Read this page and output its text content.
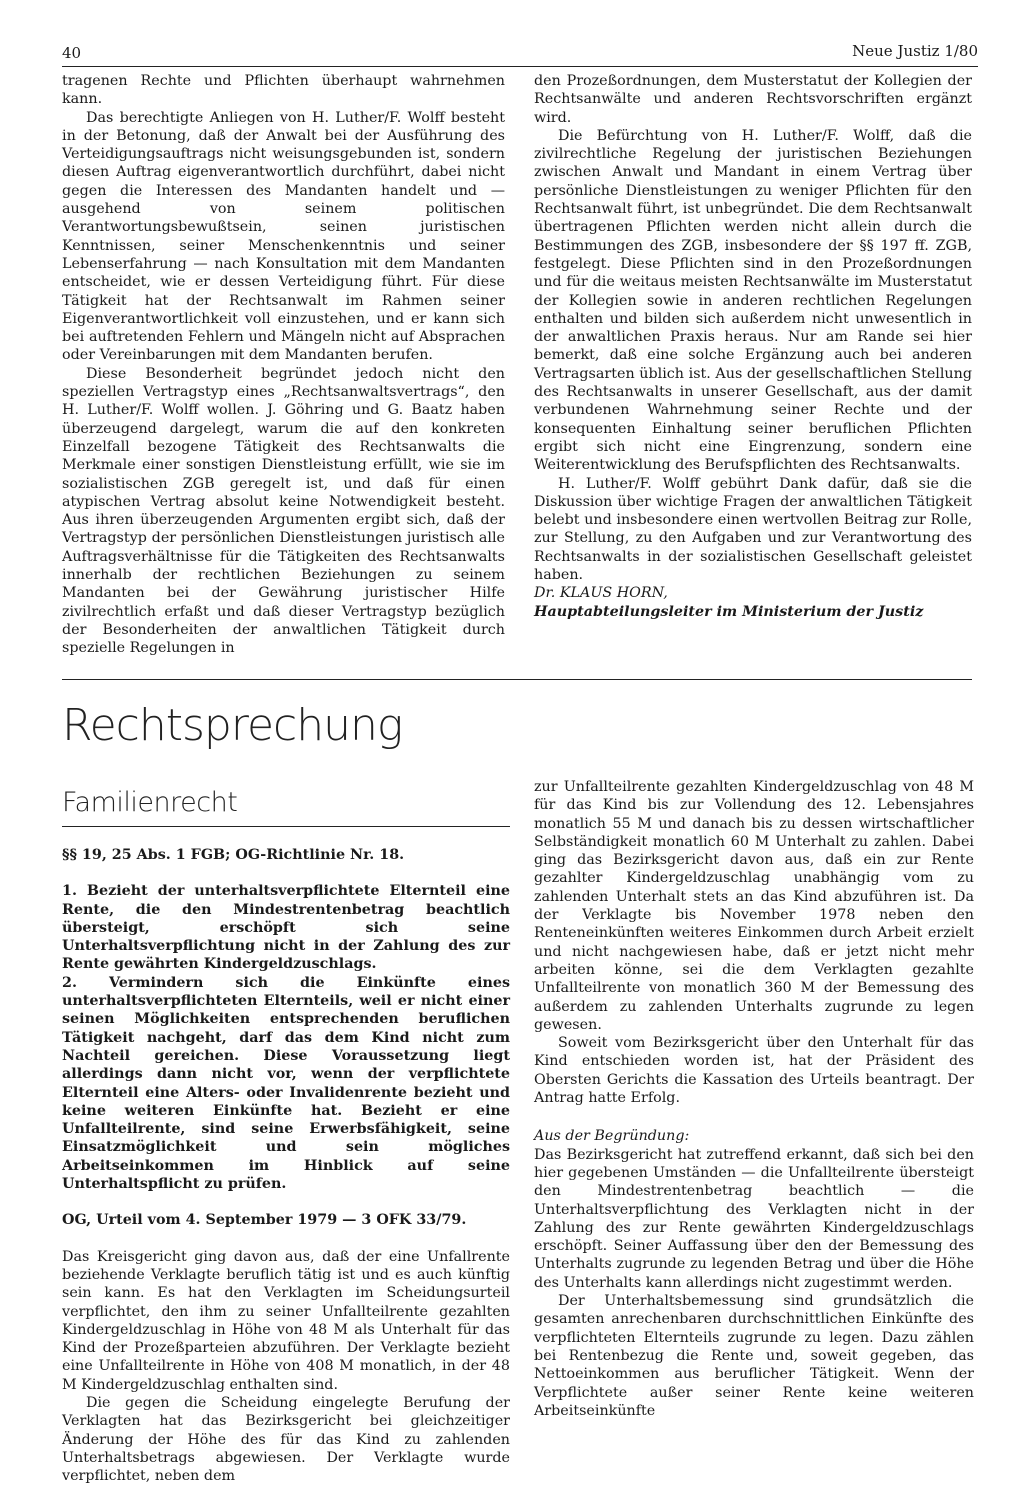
40	Neue Justiz 1/80

tragenen Rechte und Pflichten überhaupt wahrnehmen kann.

Das berechtigte Anliegen von H. Luther/F. Wolff besteht in der Betonung, daß der Anwalt bei der Ausführung des Verteidigungsauftrags nicht weisungsgebunden ist, sondern diesen Auftrag eigenverantwortlich durchführt, dabei nicht gegen die Interessen des Mandanten handelt und — ausgehend von seinem politischen Verantwortungsbewußtsein, seinen juristischen Kenntnissen, seiner Menschenkenntnis und seiner Lebenserfahrung — nach Konsultation mit dem Mandanten entscheidet, wie er dessen Verteidigung führt. Für diese Tätigkeit hat der Rechtsanwalt im Rahmen seiner Eigenverantwortlichkeit voll einzustehen, und er kann sich bei auftretenden Fehlern und Mängeln nicht auf Absprachen oder Vereinbarungen mit dem Mandanten berufen.

Diese Besonderheit begründet jedoch nicht den speziellen Vertragstyp eines „Rechtsanwaltsvertrags“, den H. Luther/F. Wolff wollen. J. Göhring und G. Baatz haben überzeugend dargelegt, warum die auf den konkreten Einzelfall bezogene Tätigkeit des Rechtsanwalts die Merkmale einer sonstigen Dienstleistung erfüllt, wie sie im sozialistischen ZGB geregelt ist, und daß für einen atypischen Vertrag absolut keine Notwendigkeit besteht. Aus ihren überzeugenden Argumenten ergibt sich, daß der Vertragstyp der persönlichen Dienstleistungen juristisch alle Auftragsverhältnisse für die Tätigkeiten des Rechtsanwalts innerhalb der rechtlichen Beziehungen zu seinem Mandanten bei der Gewährung juristischer Hilfe zivilrechtlich erfaßt und daß dieser Vertragstyp bezüglich der Besonderheiten der anwaltlichen Tätigkeit durch spezielle Regelungen in

den Prozeßordnungen, dem Musterstatut der Kollegien der Rechtsanwälte und anderen Rechtsvorschriften ergänzt wird.

Die Befürchtung von H. Luther/F. Wolff, daß die zivilrechtliche Regelung der juristischen Beziehungen zwischen Anwalt und Mandant in einem Vertrag über persönliche Dienstleistungen zu weniger Pflichten für den Rechtsanwalt führt, ist unbegründet. Die dem Rechtsanwalt übertragenen Pflichten werden nicht allein durch die Bestimmungen des ZGB, insbesondere der §§ 197 ff. ZGB, festgelegt. Diese Pflichten sind in den Prozeßordnungen und für die weitaus meisten Rechtsanwälte im Musterstatut der Kollegien sowie in anderen rechtlichen Regelungen enthalten und bilden sich außerdem nicht unwesentlich in der anwaltlichen Praxis heraus. Nur am Rande sei hier bemerkt, daß eine solche Ergänzung auch bei anderen Vertragsarten üblich ist. Aus der gesellschaftlichen Stellung des Rechtsanwalts in unserer Gesellschaft, aus der damit verbundenen Wahrnehmung seiner Rechte und der konsequenten Einhaltung seiner beruflichen Pflichten ergibt sich nicht eine Eingrenzung, sondern eine Weiterentwicklung des Berufspflichten des Rechtsanwalts.

H. Luther/F. Wolff gebührt Dank dafür, daß sie die Diskussion über wichtige Fragen der anwaltlichen Tätigkeit belebt und insbesondere einen wertvollen Beitrag zur Rolle, zur Stellung, zu den Aufgaben und zur Verantwortung des Rechtsanwalts in der sozialistischen Gesellschaft geleistet haben.

Dr. KLAUS HORN,

Hauptabteilungsleiter im Ministerium der Justiz

Rechtsprechung
Familienrecht

§§ 19, 25 Abs. 1 FGB; OG-Richtlinie Nr. 18.

1. Bezieht der unterhaltsverpflichtete Elternteil eine Rente, die den Mindestrentenbetrag beachtlich übersteigt, erschöpft sich seine Unterhaltsverpflichtung nicht in der Zahlung des zur Rente gewährten Kindergeldzuschlags.

2. Vermindern sich die Einkünfte eines unterhaltsverpflichteten Elternteils, weil er nicht einer seinen Möglichkeiten entsprechenden beruflichen Tätigkeit nachgeht, darf das dem Kind nicht zum Nachteil gereichen. Diese Voraussetzung liegt allerdings dann nicht vor, wenn der verpflichtete Elternteil eine Alters- oder Invalidenrente bezieht und keine weiteren Einkünfte hat. Bezieht er eine Unfallteilrente, sind seine Erwerbsfähigkeit, seine Einsatzmöglichkeit und sein mögliches Arbeitseinkommen im Hinblick auf seine Unterhaltspflicht zu prüfen.

OG, Urteil vom 4. September 1979 — 3 OFK 33/79.

Das Kreisgericht ging davon aus, daß der eine Unfallrente beziehende Verklagte beruflich tätig ist und es auch künftig sein kann. Es hat den Verklagten im Scheidungsurteil verpflichtet, den ihm zu seiner Unfallteilrente gezahlten Kindergeldzuschlag in Höhe von 48 M als Unterhalt für das Kind der Prozeßparteien abzuführen. Der Verklagte bezieht eine Unfallteilrente in Höhe von 408 M monatlich, in der 48 M Kindergeldzuschlag enthalten sind.

Die gegen die Scheidung eingelegte Berufung der Verklagten hat das Bezirksgericht bei gleichzeitiger Änderung der Höhe des für das Kind zu zahlenden Unterhaltsbetrags abgewiesen. Der Verklagte wurde verpflichtet, neben dem

zur Unfallteilrente gezahlten Kindergeldzuschlag von 48 M für das Kind bis zur Vollendung des 12. Lebensjahres monatlich 55 M und danach bis zu dessen wirtschaftlicher Selbständigkeit monatlich 60 M Unterhalt zu zahlen. Dabei ging das Bezirksgericht davon aus, daß ein zur Rente gezahlter Kindergeldzuschlag unabhängig vom zu zahlenden Unterhalt stets an das Kind abzuführen ist. Da der Verklagte bis November 1978 neben den Renteneinkünften weiteres Einkommen durch Arbeit erzielt und nicht nachgewiesen habe, daß er jetzt nicht mehr arbeiten könne, sei die dem Verklagten gezahlte Unfallteilrente von monatlich 360 M der Bemessung des außerdem zu zahlenden Unterhalts zugrunde zu legen gewesen.

Soweit vom Bezirksgericht über den Unterhalt für das Kind entschieden worden ist, hat der Präsident des Obersten Gerichts die Kassation des Urteils beantragt. Der Antrag hatte Erfolg.

Aus der Begründung:

Das Bezirksgericht hat zutreffend erkannt, daß sich bei den hier gegebenen Umständen — die Unfallteilrente übersteigt den Mindestrentenbetrag beachtlich — die Unterhaltsverpflichtung des Verklagten nicht in der Zahlung des zur Rente gewährten Kindergeldzuschlags erschöpft. Seiner Auffassung über den der Bemessung des Unterhalts zugrunde zu legenden Betrag und über die Höhe des Unterhalts kann allerdings nicht zugestimmt werden.

Der Unterhaltsbemessung sind grundsätzlich die gesamten anrechenbaren durchschnittlichen Einkünfte des verpflichteten Elternteils zugrunde zu legen. Dazu zählen bei Rentenbezug die Rente und, soweit gegeben, das Nettoeinkommen aus beruflicher Tätigkeit. Wenn der Verpflichtete außer seiner Rente keine weiteren Arbeitseinkünfte
